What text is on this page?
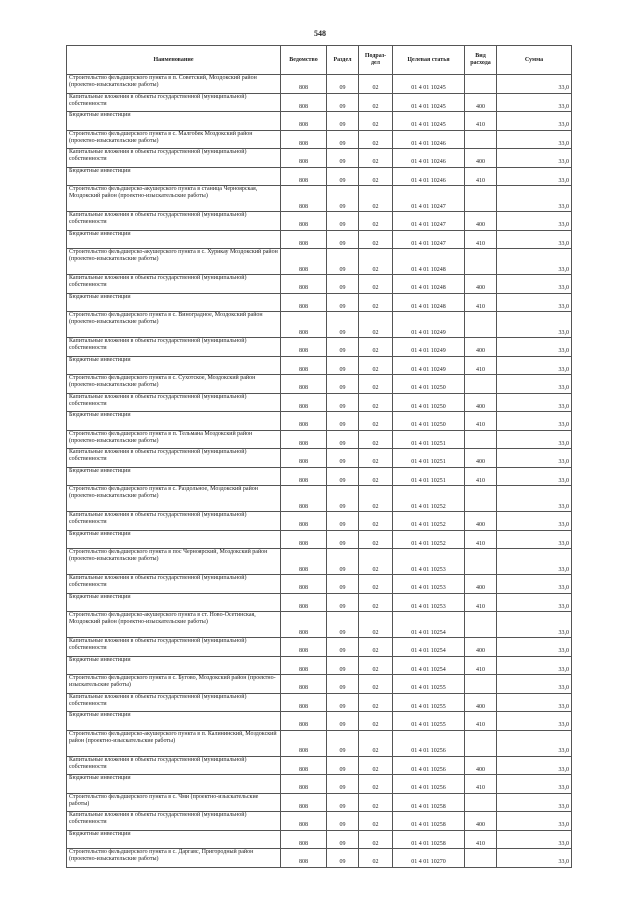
548
Наименование	Ведомство	Раздел	Подраз-дел	Целевая статья	Вид расхода	Сумма
Строительство фельдшерского пункта в п. Советский, Моздокский район (проектно-изыскательские работы)	808	09	02	01 4 01 10245		33,0
Капитальные вложения в объекты государственной (муниципальной) собственности	808	09	02	01 4 01 10245	400	33,0
Бюджетные инвестиции	808	09	02	01 4 01 10245	410	33,0
Строительство фельдшерского пункта в с. Малгобек Моздокский район (проектно-изыскательские работы)	808	09	02	01 4 01 10246		33,0
Капитальные вложения в объекты государственной (муниципальной) собственности	808	09	02	01 4 01 10246	400	33,0
Бюджетные инвестиции	808	09	02	01 4 01 10246	410	33,0
Строительство фельдшерско-акушерского пункта в станица Черноярская, Моздокский район (проектно-изыскательские работы)	808	09	02	01 4 01 10247		33,0
Капитальные вложения в объекты государственной (муниципальной) собственности	808	09	02	01 4 01 10247	400	33,0
Бюджетные инвестиции	808	09	02	01 4 01 10247	410	33,0
Строительство фельдшерско-акушерского пункта в с. Хурикау Моздокский район (проектно-изыскательские работы)	808	09	02	01 4 01 10248		33,0
Капитальные вложения в объекты государственной (муниципальной) собственности	808	09	02	01 4 01 10248	400	33,0
Бюджетные инвестиции	808	09	02	01 4 01 10248	410	33,0
Строительство фельдшерского пункта в с. Виноградное, Моздокский район (проектно-изыскательские работы)	808	09	02	01 4 01 10249		33,0
Капитальные вложения в объекты государственной (муниципальной) собственности	808	09	02	01 4 01 10249	400	33,0
Бюджетные инвестиции	808	09	02	01 4 01 10249	410	33,0
Строительство фельдшерского пункта в с. Сухотское, Моздокский район (проектно-изыскательские работы)	808	09	02	01 4 01 10250		33,0
Капитальные вложения в объекты государственной (муниципальной) собственности	808	09	02	01 4 01 10250	400	33,0
Бюджетные инвестиции	808	09	02	01 4 01 10250	410	33,0
Строительство фельдшерского пункта в п. Тельмана Моздокский район (проектно-изыскательские работы)	808	09	02	01 4 01 10251		33,0
Капитальные вложения в объекты государственной (муниципальной) собственности	808	09	02	01 4 01 10251	400	33,0
Бюджетные инвестиции	808	09	02	01 4 01 10251	410	33,0
Строительство фельдшерского пункта в с. Раздольное, Моздокский район (проектно-изыскательские работы)	808	09	02	01 4 01 10252		33,0
Капитальные вложения в объекты государственной (муниципальной) собственности	808	09	02	01 4 01 10252	400	33,0
Бюджетные инвестиции	808	09	02	01 4 01 10252	410	33,0
Строительство фельдшерского пункта в пос Черноярский, Моздокский район (проектно-изыскательские работы)	808	09	02	01 4 01 10253		33,0
Капитальные вложения в объекты государственной (муниципальной) собственности	808	09	02	01 4 01 10253	400	33,0
Бюджетные инвестиции	808	09	02	01 4 01 10253	410	33,0
Строительство фельдшерско-акушерского пункта в ст. Ново-Осетинская, Моздокский район (проектно-изыскательские работы)	808	09	02	01 4 01 10254		33,0
Капитальные вложения в объекты государственной (муниципальной) собственности	808	09	02	01 4 01 10254	400	33,0
Бюджетные инвестиции	808	09	02	01 4 01 10254	410	33,0
Строительство фельдшерского пункта в с. Бугово, Моздокский район (проектно-изыскательские работы)	808	09	02	01 4 01 10255		33,0
Капитальные вложения в объекты государственной (муниципальной) собственности	808	09	02	01 4 01 10255	400	33,0
Бюджетные инвестиции	808	09	02	01 4 01 10255	410	33,0
Строительство фельдшерско-акушерского пункта в п. Калининский, Моздокский район (проектно-изыскательские работы)	808	09	02	01 4 01 10256		33,0
Капитальные вложения в объекты государственной (муниципальной) собственности	808	09	02	01 4 01 10256	400	33,0
Бюджетные инвестиции	808	09	02	01 4 01 10256	410	33,0
Строительство фельдшерского пункта в с. Чми (проектно-изыскательские работы)	808	09	02	01 4 01 10258		33,0
Капитальные вложения в объекты государственной (муниципальной) собственности	808	09	02	01 4 01 10258	400	33,0
Бюджетные инвестиции	808	09	02	01 4 01 10258	410	33,0
Строительство фельдшерского пункта в с. Даргавс, Пригородный район (проектно-изыскательские работы)	808	09	02	01 4 01 10270		33,0
